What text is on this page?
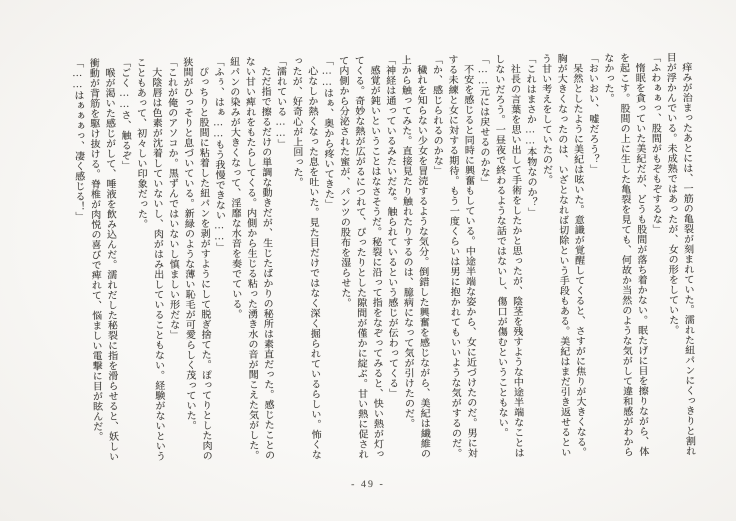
痒みが治まったあとには、一筋の亀裂が刻まれていた。濡れた紐パンにくっきりと割れ
目が浮かんでいる。未成熟ではあったが、女の形をしていた。
「ふわぁぁっ、股間がもぞもぞするな」
惰眠を貪っていた美紀だが、どうも股間が落ち着かない。眠たげに目を擦りながら、体
を起こす。股間の上に生した亀裂を見ても、何故か当然のような気がして違和感がわから
なかった。
「おいおい、嘘だろう？」
呆然としたように美紀は呟いた。意識が覚醒してくると、さすがに焦りが大きくなる。
胸が大きくなったのは、いざとなれば切除という手段もある。美紀はまだ引き返せるとい
う甘い考えをしていたのだ。
「これはまさか……本物なのか？」
社長の言葉を思い出して手術をしたかと思ったが、陰茎を残すような中途半端なことは
しないだろう。一昼夜で終わるような話ではないし、傷口が傷むということもない。
「……元には戻せるのかな」
不安を感じると同時に興奮もしている。中途半端な姿から、女に近づけたのだ。男に対
する未練と女に対する期待。もう一度くらいは男に抱かれてもいいような気がするのだ。
「か、感じられるのかな」
穢れを知らない少女を冒涜するような気分。倒錯した興奮を感じながら、美紀は繊維の
上から触ってみた。直接見たり触れたりするのは、臆病になって気が引けたのだ。
「神経は通っているみたいだな。触られているという感じが伝わってくる」
感覚が鈍いということはなさそうだ。秘裂に沿って指をなぞってみると、快い熱が灯っ
てくる。奇妙な熱が広がるにつれて、ぴったりとした隙間が僅かに綻ぶ。甘い熱に促され
て内側から分泌された蜜が、パンツの股布を湿らせた。
「……はぁ、奥から疼いてきた」
心なしか熱くなった息を吐いた。見た目だけではなく深く掘られているらしい。怖くな
ったが、好奇心が上回った。
「濡れている……」
ただ指で擦るだけの単調な動きだが、生じたばかりの秘所は素直だった。感じたことの
ない甘い痺れをもたらしてくる。内側から生じる粘った湧き水の音が聞こえた気がした。
紐パンの染みが大きくなって、淫靡な水音を奏でている。
「ふぅ、はぁ……もう我慢できない……」
ぴっちりと股間に粘着した紐パンを剥がすようにして脱ぎ捨てた。ぽってりとした肉の
狭間がひっそりと息づいている。新緑のような薄い恥毛が可愛らしく茂っていた。
「これが俺のアソコか。黒ずんではいないし慎ましい形だな」
大陰唇は色素が沈着していないし、肉がはみ出していることもない。経験がないという
こともあって、初々しい印象だった。
「ごく……さ、触るぞ」
喉が渇いた感じがして、唾液を飲み込んだ。濡れだした秘裂に指を滑らせると、妖しい
衝動が背筋を駆け抜ける。脊椎が肉悦の喜びで痺れて、悩ましい電撃に目が眩んだ。
「……はぁぁぁっ、凄く感じる！」
- 49 -
